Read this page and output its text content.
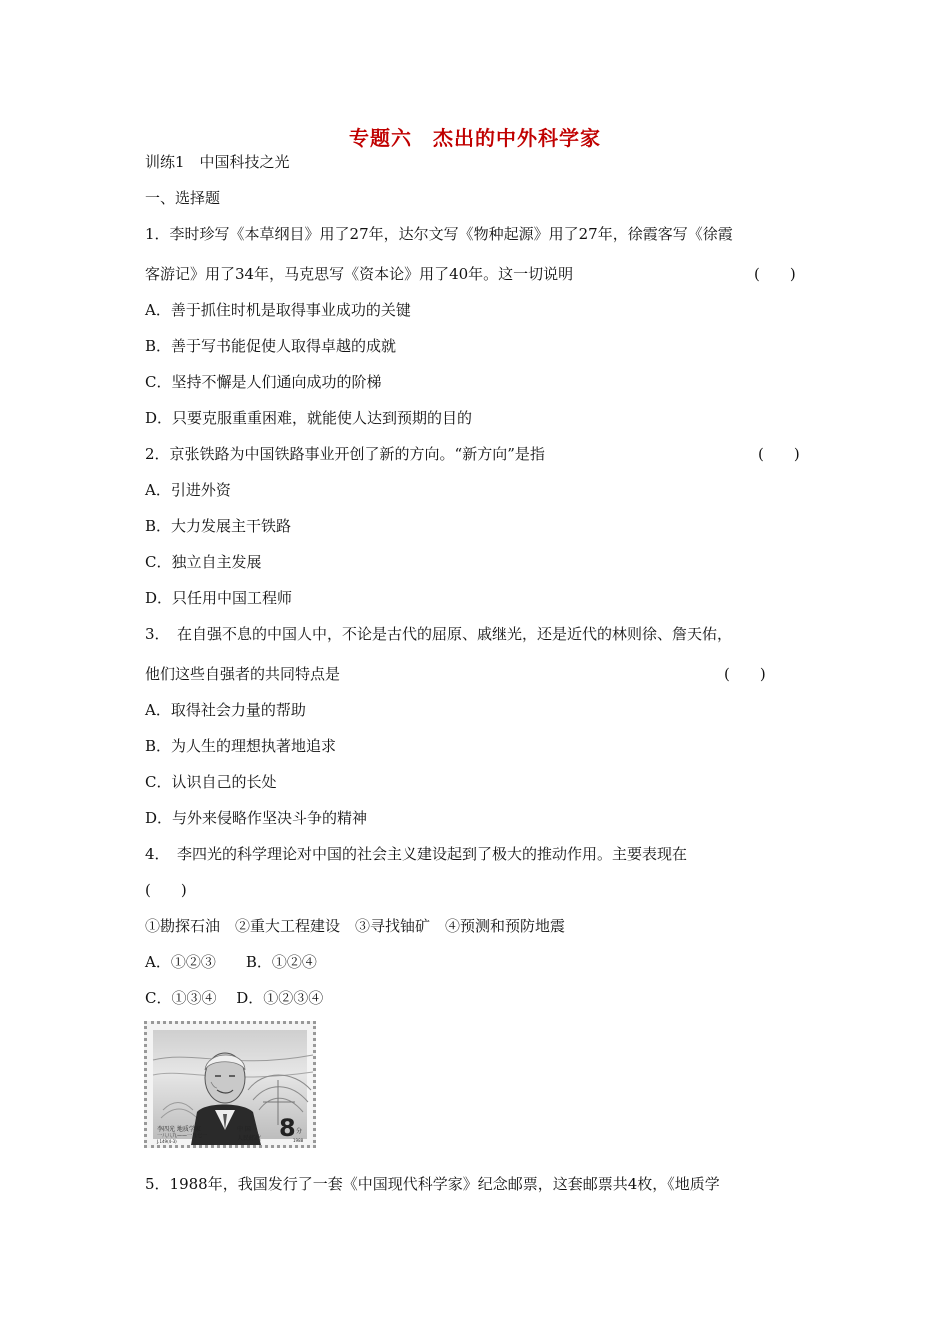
专题六　杰出的中外科学家
训练1　中国科技之光
一、选择题
1．李时珍写《本草纲目》用了27年，达尔文写《物种起源》用了27年，徐霞客写《徐霞
客游记》用了34年，马克思写《资本论》用了40年。这一切说明	(　　)
A．善于抓住时机是取得事业成功的关键
B．善于写书能促使人取得卓越的成就
C．坚持不懈是人们通向成功的阶梯
D．只要克服重重困难，就能使人达到预期的目的
2．京张铁路为中国铁路事业开创了新的方向。“新方向”是指	(　　)
A．引进外资
B．大力发展主干铁路
C．独立自主发展
D．只任用中国工程师
3．　在自强不息的中国人中，不论是古代的屈原、戚继光，还是近代的林则徐、詹天佑，
他们这些自强者的共同特点是	(　　)
A．取得社会力量的帮助
B．为人生的理想执著地追求
C．认识自己的长处
D．与外来侵略作坚决斗争的精神
4．　李四光的科学理论对中国的社会主义建设起到了极大的推动作用。主要表现在
(　　)
①勘探石油　②重大工程建设　③寻找铀矿　④预测和预防地震
A．①②③　　B．①②④
C．①③④　 D．①②③④
李四光 地质学家
一八八九——一九七一
J.149(4-3)
中 国
人民邮政 8 分
1988
5．1988年，我国发行了一套《中国现代科学家》纪念邮票，这套邮票共4枚，《地质学
